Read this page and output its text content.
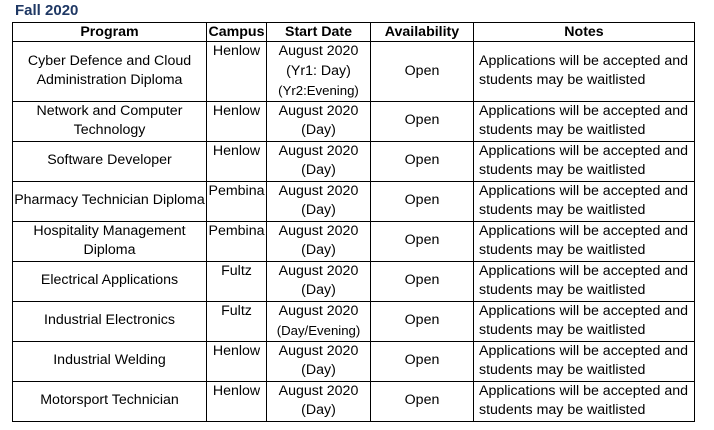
Fall 2020
Program	Campus	Start Date	Availability	Notes
Cyber Defence and Cloud Administration Diploma	Henlow	August 2020
(Yr1: Day)
(Yr2:Evening)	Open	Applications will be accepted and students may be waitlisted
Network and Computer Technology	Henlow	August 2020
(Day)	Open	Applications will be accepted and students may be waitlisted
Software Developer	Henlow	August 2020
(Day)	Open	Applications will be accepted and students may be waitlisted
Pharmacy Technician Diploma	Pembina	August 2020
(Day)	Open	Applications will be accepted and students may be waitlisted
Hospitality Management Diploma	Pembina	August 2020
(Day)	Open	Applications will be accepted and students may be waitlisted
Electrical Applications	Fultz	August 2020
(Day)	Open	Applications will be accepted and students may be waitlisted
Industrial Electronics	Fultz	August 2020
(Day/Evening)	Open	Applications will be accepted and students may be waitlisted
Industrial Welding	Henlow	August 2020
(Day)	Open	Applications will be accepted and students may be waitlisted
Motorsport Technician	Henlow	August 2020
(Day)	Open	Applications will be accepted and students may be waitlisted
